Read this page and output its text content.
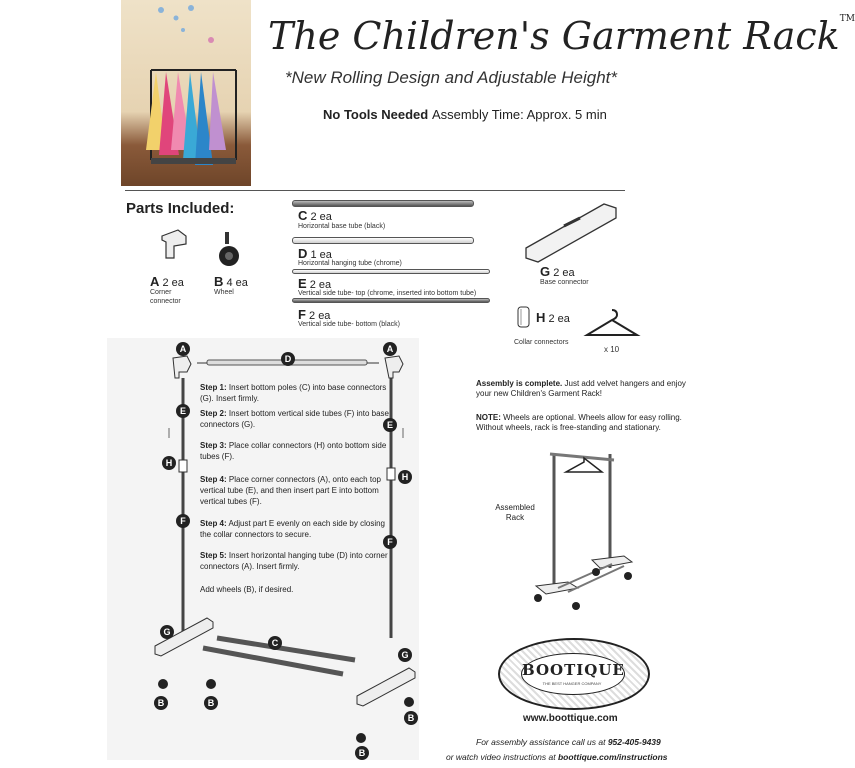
The Children's Garment Rack™
*New Rolling Design and Adjustable Height*
No Tools Needed Assembly Time: Approx. 5 min
Parts Included:
A 2 ea
Corner connector
B 4 ea
Wheel
C 2 ea
Horizontal base tube (black)
D 1 ea
Horizontal hanging tube (chrome)
E 2 ea
Vertical side tube- top (chrome, inserted into bottom tube)
F 2 ea
Vertical side tube- bottom (black)
G 2 ea
Base connector
H 2 ea
Collar connectors
x 10
A
D
A
E
E
H
H
F
F
G
C
G
B	B
B
B
Step 1: Insert bottom poles (C) into base connectors (G). Insert firmly.
Step 2: Insert bottom vertical side tubes (F) into base connectors (G).
Step 3: Place collar connectors (H) onto bottom side tubes (F).
Step 4: Place corner connectors (A), onto each top vertical tube (E), and then insert part E into bottom vertical tubes (F).
Step 4: Adjust part E evenly on each side by closing the collar connectors to secure.
Step 5: Insert horizontal hanging tube (D) into corner connectors (A). Insert firmly.
Add wheels (B), if desired.
Assembly is complete. Just add velvet hangers and enjoy your new Children's Garment Rack!
NOTE: Wheels are optional. Wheels allow for easy rolling. Without wheels, rack is free-standing and stationary.
Assembled Rack
BOOTIQUE
THE BEST HANGER COMPANY
www.boottique.com
For assembly assistance call us at 952-405-9439
or watch video instructions at boottique.com/instructions
